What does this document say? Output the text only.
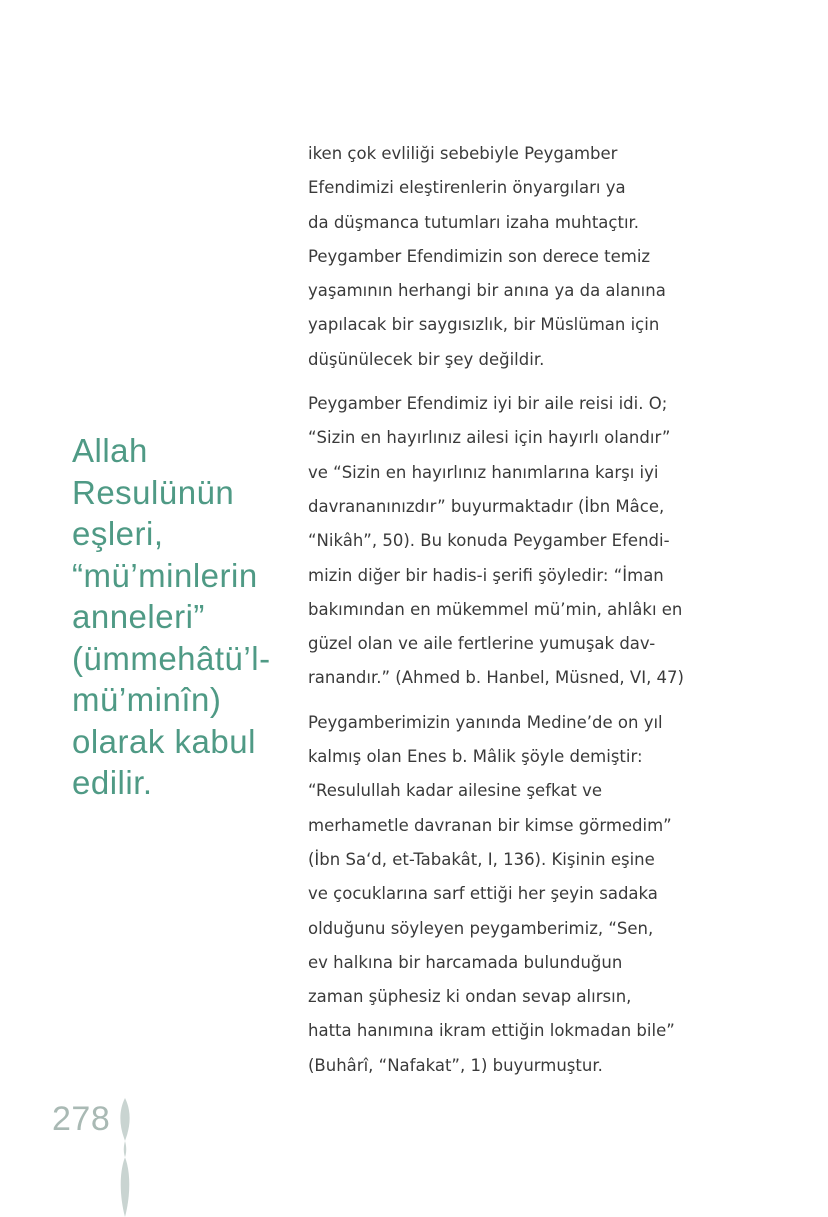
Allah
Resulünün
eşleri,
“mü’minlerin
anneleri”
(ümmehâtü’l-
mü’minîn)
olarak kabul
edilir.

iken çok evliliği sebebiyle Peygamber
Efendimizi eleştirenlerin önyargıları ya
da düşmanca tutumları izaha muhtaçtır.
Peygamber Efendimizin son derece temiz
yaşamının herhangi bir anına ya da alanına
yapılacak bir saygısızlık, bir Müslüman için
düşünülecek bir şey değildir.

Peygamber Efendimiz iyi bir aile reisi idi. O;
“Sizin en hayırlınız ailesi için hayırlı olandır”
ve “Sizin en hayırlınız hanımlarına karşı iyi
davrananınızdır” buyurmaktadır (İbn Mâce,
“Nikâh”, 50). Bu konuda Peygamber Efendi-
mizin diğer bir hadis-i şerifi şöyledir: “İman
bakımından en mükemmel mü’min, ahlâkı en
güzel olan ve aile fertlerine yumuşak dav-
ranandır.” (Ahmed b. Hanbel, Müsned, VI, 47)

Peygamberimizin yanında Medine’de on yıl
kalmış olan Enes b. Mâlik şöyle demiştir:
“Resulullah kadar ailesine şefkat ve
merhametle davranan bir kimse görmedim”
(İbn Sa‘d, et-Tabakât, I, 136). Kişinin eşine
ve çocuklarına sarf ettiği her şeyin sadaka
olduğunu söyleyen peygamberimiz, “Sen,
ev halkına bir harcamada bulunduğun
zaman şüphesiz ki ondan sevap alırsın,
hatta hanımına ikram ettiğin lokmadan bile”
(Buhârî, “Nafakat”, 1) buyurmuştur.

278
